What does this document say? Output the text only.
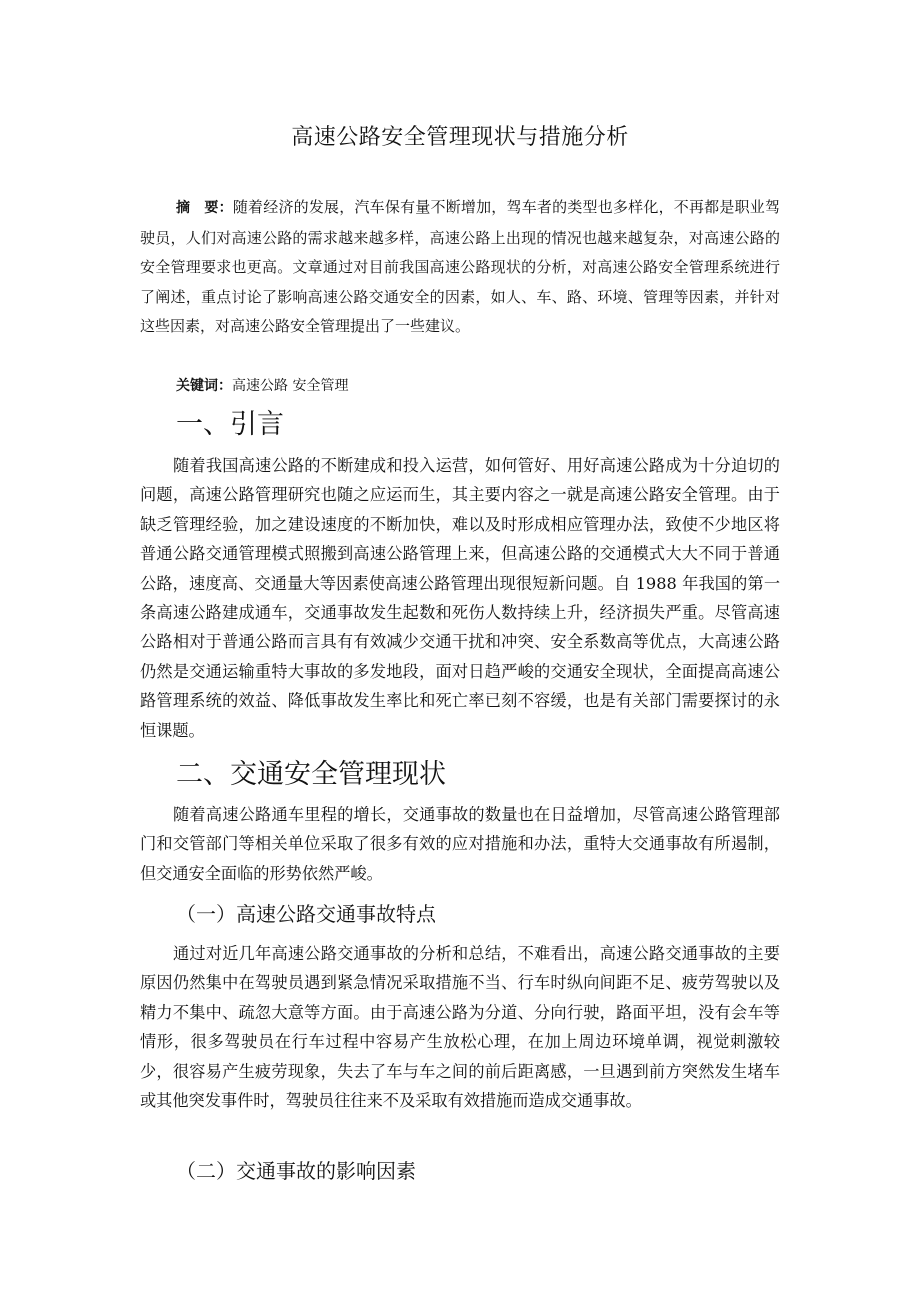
高速公路安全管理现状与措施分析
摘　要：随着经济的发展，汽车保有量不断增加，驾车者的类型也多样化，不再都是职业驾驶员，人们对高速公路的需求越来越多样，高速公路上出现的情况也越来越复杂，对高速公路的安全管理要求也更高。文章通过对目前我国高速公路现状的分析，对高速公路安全管理系统进行了阐述，重点讨论了影响高速公路交通安全的因素，如人、车、路、环境、管理等因素，并针对这些因素，对高速公路安全管理提出了一些建议。
关键词：高速公路 安全管理
一、引言

随着我国高速公路的不断建成和投入运营，如何管好、用好高速公路成为十分迫切的问题，高速公路管理研究也随之应运而生，其主要内容之一就是高速公路安全管理。由于缺乏管理经验，加之建设速度的不断加快，难以及时形成相应管理办法，致使不少地区将普通公路交通管理模式照搬到高速公路管理上来，但高速公路的交通模式大大不同于普通公路，速度高、交通量大等因素使高速公路管理出现很短新问题。自 1988 年我国的第一条高速公路建成通车，交通事故发生起数和死伤人数持续上升，经济损失严重。尽管高速公路相对于普通公路而言具有有效减少交通干扰和冲突、安全系数高等优点，大高速公路仍然是交通运输重特大事故的多发地段，面对日趋严峻的交通安全现状，全面提高高速公路管理系统的效益、降低事故发生率比和死亡率已刻不容缓，也是有关部门需要探讨的永恒课题。

二、交通安全管理现状

随着高速公路通车里程的增长，交通事故的数量也在日益增加，尽管高速公路管理部门和交管部门等相关单位采取了很多有效的应对措施和办法，重特大交通事故有所遏制，但交通安全面临的形势依然严峻。

（一）高速公路交通事故特点

通过对近几年高速公路交通事故的分析和总结，不难看出，高速公路交通事故的主要原因仍然集中在驾驶员遇到紧急情况采取措施不当、行车时纵向间距不足、疲劳驾驶以及精力不集中、疏忽大意等方面。由于高速公路为分道、分向行驶，路面平坦，没有会车等情形，很多驾驶员在行车过程中容易产生放松心理，在加上周边环境单调，视觉刺激较少，很容易产生疲劳现象，失去了车与车之间的前后距离感，一旦遇到前方突然发生堵车或其他突发事件时，驾驶员往往来不及采取有效措施而造成交通事故。

（二）交通事故的影响因素
